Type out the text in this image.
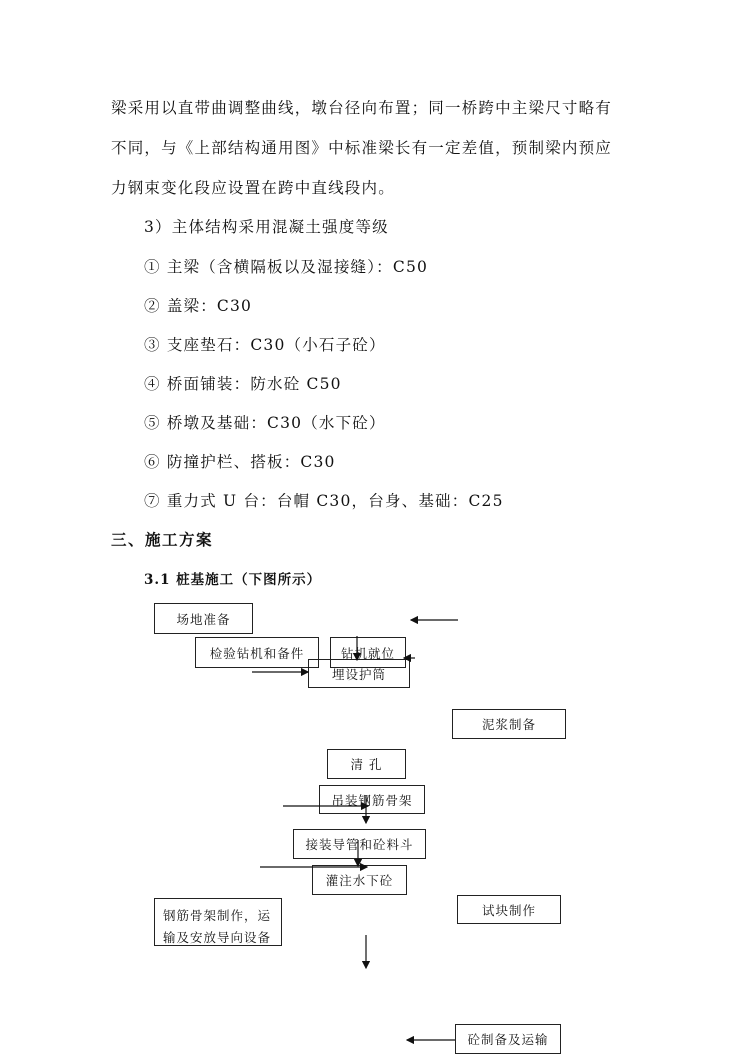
梁采用以直带曲调整曲线，墩台径向布置；同一桥跨中主梁尺寸略有
不同，与《上部结构通用图》中标准梁长有一定差值，预制梁内预应
力钢束变化段应设置在跨中直线段内。
3）主体结构采用混凝土强度等级
① 主梁（含横隔板以及湿接缝）：C50
② 盖梁：C30
③ 支座垫石：C30（小石子砼）
④ 桥面铺装：防水砼 C50
⑤ 桥墩及基础：C30（水下砼）
⑥ 防撞护栏、搭板：C30
⑦ 重力式 U 台：台帽 C30，台身、基础：C25
三、施工方案
3.1 桩基施工（下图所示）
场地准备
检验钻机和备件	钻机就位
埋设护筒
泥浆制备
清 孔
吊装钢筋骨架
接装导管和砼料斗
灌注水下砼
钢筋骨架制作，运输及安放导向设备
试块制作
砼制备及运输
